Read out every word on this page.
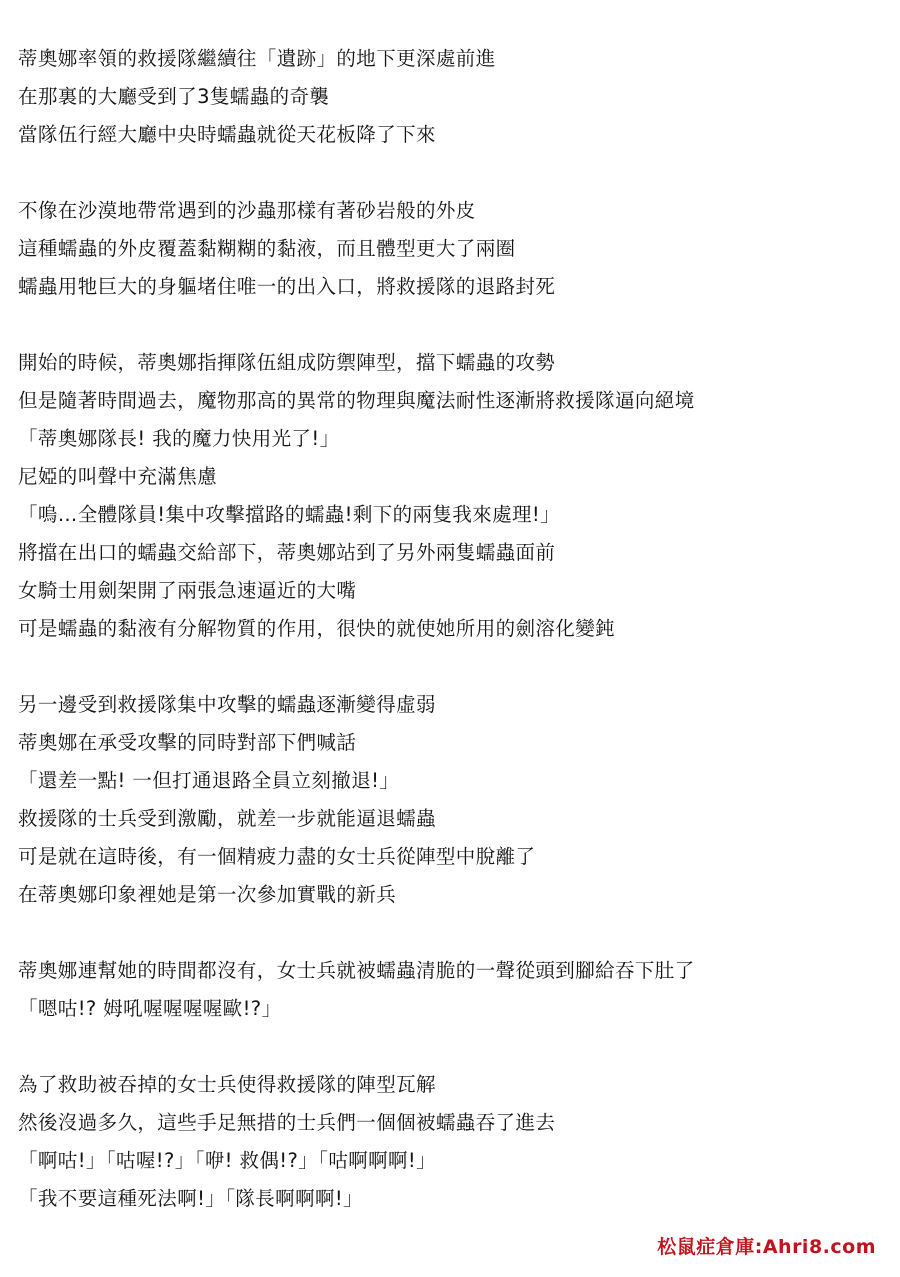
蒂奧娜率領的救援隊繼續往「遺跡」的地下更深處前進
在那裏的大廳受到了3隻蠕蟲的奇襲
當隊伍行經大廳中央時蠕蟲就從天花板降了下來
不像在沙漠地帶常遇到的沙蟲那樣有著砂岩般的外皮
這種蠕蟲的外皮覆蓋黏糊糊的黏液，而且體型更大了兩圈
蠕蟲用牠巨大的身軀堵住唯一的出入口，將救援隊的退路封死
開始的時候，蒂奧娜指揮隊伍組成防禦陣型，擋下蠕蟲的攻勢
但是隨著時間過去，魔物那高的異常的物理與魔法耐性逐漸將救援隊逼向絕境
「蒂奧娜隊長! 我的魔力快用光了!」
尼婭的叫聲中充滿焦慮
「嗚…全體隊員!集中攻擊擋路的蠕蟲!剩下的兩隻我來處理!」
將擋在出口的蠕蟲交給部下，蒂奧娜站到了另外兩隻蠕蟲面前
女騎士用劍架開了兩張急速逼近的大嘴
可是蠕蟲的黏液有分解物質的作用，很快的就使她所用的劍溶化變鈍
另一邊受到救援隊集中攻擊的蠕蟲逐漸變得虛弱
蒂奧娜在承受攻擊的同時對部下們喊話
「還差一點! 一但打通退路全員立刻撤退!」
救援隊的士兵受到激勵，就差一步就能逼退蠕蟲
可是就在這時後，有一個精疲力盡的女士兵從陣型中脫離了
在蒂奧娜印象裡她是第一次參加實戰的新兵
蒂奧娜連幫她的時間都沒有，女士兵就被蠕蟲清脆的一聲從頭到腳給吞下肚了
「嗯咕!? 姆吼喔喔喔喔歐!?」
為了救助被吞掉的女士兵使得救援隊的陣型瓦解
然後沒過多久，這些手足無措的士兵們一個個被蠕蟲吞了進去
「啊咕!」「咕喔!?」「咿! 救偶!?」「咕啊啊啊!」
「我不要這種死法啊!」「隊長啊啊啊!」
松鼠症倉庫:Ahri8.com
